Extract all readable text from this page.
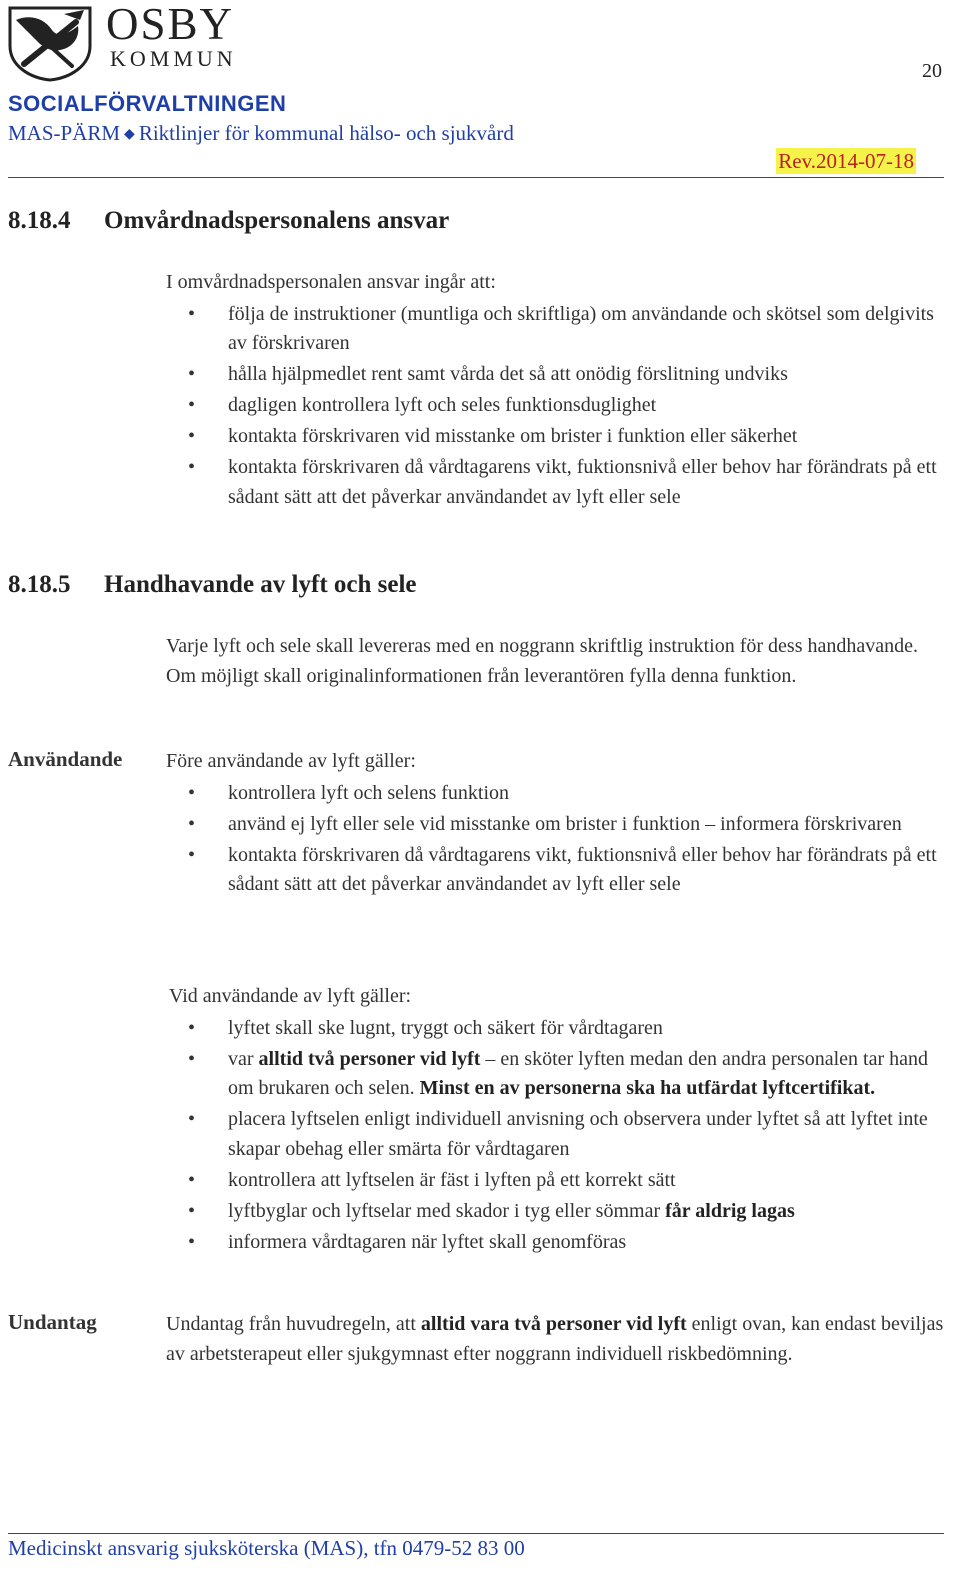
OSBY
KOMMUN	20
SOCIALFÖRVALTNINGEN
MAS-PÄRM ◆ Riktlinjer för kommunal hälso- och sjukvård
Rev.2014-07-18
8.18.4 Omvårdnadspersonalens ansvar

I omvårdnadspersonalen ansvar ingår att:

• följa de instruktioner (muntliga och skriftliga) om användande och skötsel som delgivits av förskrivaren
• hålla hjälpmedlet rent samt vårda det så att onödig förslitning undviks
• dagligen kontrollera lyft och seles funktionsduglighet
• kontakta förskrivaren vid misstanke om brister i funktion eller säkerhet
• kontakta förskrivaren då vårdtagarens vikt, fuktionsnivå eller behov har förändrats på ett sådant sätt att det påverkar användandet av lyft eller sele
8.18.5 Handhavande av lyft och sele

Varje lyft och sele skall levereras med en noggrann skriftlig instruktion för dess handhavande. Om möjligt skall originalinformationen från leverantören fylla denna funktion.

Användande Före användande av lyft gäller:

• kontrollera lyft och selens funktion
• använd ej lyft eller sele vid misstanke om brister i funktion – informera förskrivaren
• kontakta förskrivaren då vårdtagarens vikt, fuktionsnivå eller behov har förändrats på ett sådant sätt att det påverkar användandet av lyft eller sele

Vid användande av lyft gäller:

• lyftet skall ske lugnt, tryggt och säkert för vårdtagaren
• var alltid två personer vid lyft – en sköter lyften medan den andra personalen tar hand om brukaren och selen. Minst en av personerna ska ha utfärdat lyftcertifikat.
• placera lyftselen enligt individuell anvisning och observera under lyftet så att lyftet inte skapar obehag eller smärta för vårdtagaren
• kontrollera att lyftselen är fäst i lyften på ett korrekt sätt
• lyftbyglar och lyftselar med skador i tyg eller sömmar får aldrig lagas
• informera vårdtagaren när lyftet skall genomföras
Undantag	Undantag från huvudregeln, att alltid vara två personer vid lyft enligt ovan, kan endast beviljas av arbetsterapeut eller sjukgymnast efter noggrann individuell riskbedömning.

Medicinskt ansvarig sjuksköterska (MAS), tfn 0479-52 83 00
